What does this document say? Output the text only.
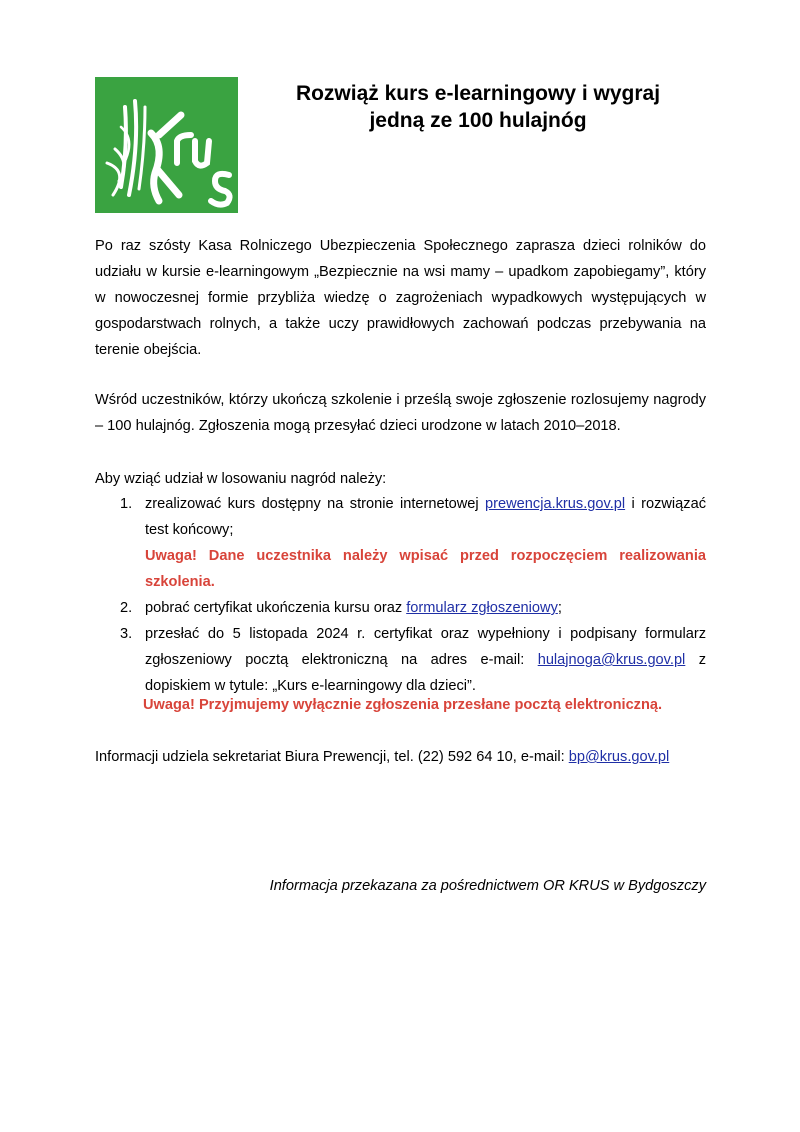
Rozwiąż kurs e-learningowy i wygraj
jedną ze 100 hulajnóg

Po raz szósty Kasa Rolniczego Ubezpieczenia Społecznego zaprasza dzieci rolników do udziału w kursie e-learningowym „Bezpiecznie na wsi mamy – upadkom zapobiegamy”, który w nowoczesnej formie przybliża wiedzę o zagrożeniach wypadkowych występujących w gospodarstwach rolnych, a także uczy prawidłowych zachowań podczas przebywania na terenie obejścia.

Wśród uczestników, którzy ukończą szkolenie i prześlą swoje zgłoszenie rozlosujemy nagrody – 100 hulajnóg. Zgłoszenia mogą przesyłać dzieci urodzone w latach 2010–2018.

Aby wziąć udział w losowaniu nagród należy:

1. zrealizować kurs dostępny na stronie internetowej prewencja.krus.gov.pl i rozwiązać test końcowy;
Uwaga! Dane uczestnika należy wpisać przed rozpoczęciem realizowania szkolenia.
2. pobrać certyfikat ukończenia kursu oraz formularz zgłoszeniowy;
3. przesłać do 5 listopada 2024 r. certyfikat oraz wypełniony i podpisany formularz zgłoszeniowy pocztą elektroniczną na adres e-mail: hulajnoga@krus.gov.pl z dopiskiem w tytule: „Kurs e-learningowy dla dzieci”.

Uwaga! Przyjmujemy wyłącznie zgłoszenia przesłane pocztą elektroniczną.

Informacji udziela sekretariat Biura Prewencji, tel. (22) 592 64 10, e-mail: bp@krus.gov.pl

Informacja przekazana za pośrednictwem OR KRUS w Bydgoszczy
